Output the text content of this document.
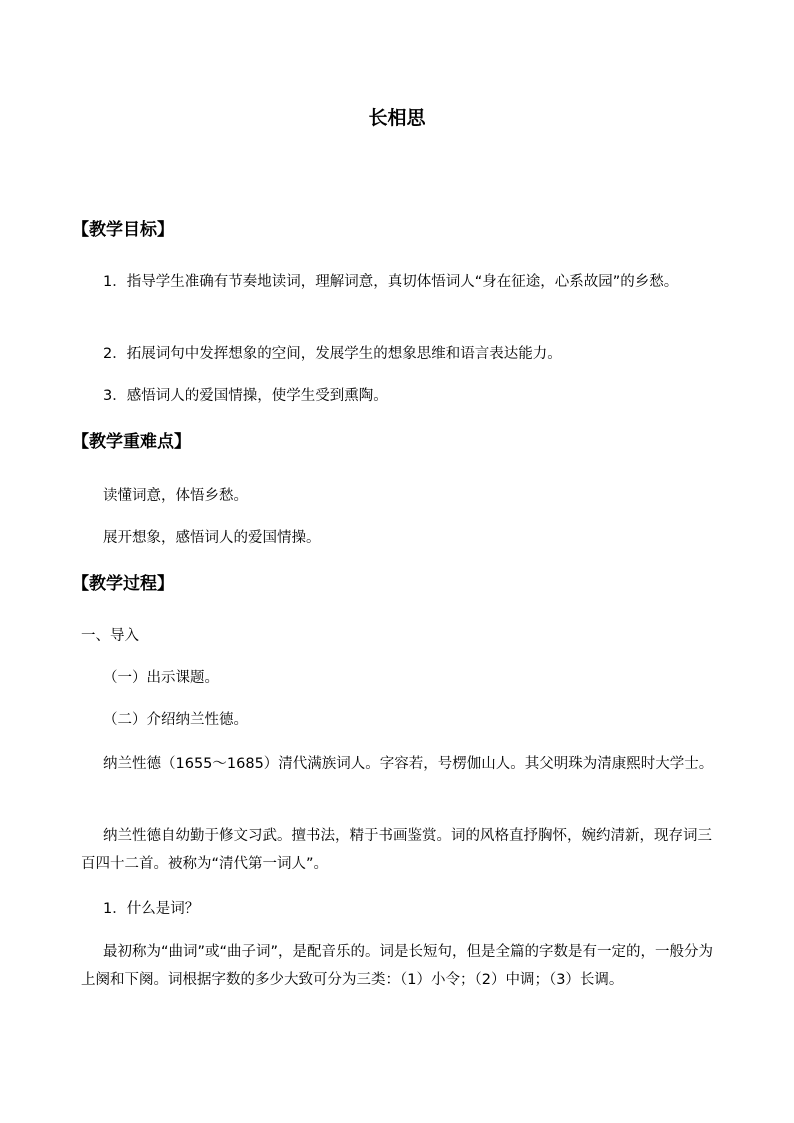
长相思
【教学目标】
1．指导学生准确有节奏地读词，理解词意，真切体悟词人“身在征途，心系故园”的乡愁。
2．拓展词句中发挥想象的空间，发展学生的想象思维和语言表达能力。
3．感悟词人的爱国情操，使学生受到熏陶。
【教学重难点】
读懂词意，体悟乡愁。
展开想象，感悟词人的爱国情操。
【教学过程】
一、导入
（一）出示课题。
（二）介绍纳兰性德。
纳兰性德（1655～1685）清代满族词人。字容若，号楞伽山人。其父明珠为清康熙时大学士。
纳兰性德自幼勤于修文习武。擅书法，精于书画鉴赏。词的风格直抒胸怀，婉约清新，现存词三百四十二首。被称为“清代第一词人”。
1．什么是词？
最初称为“曲词”或“曲子词”，是配音乐的。词是长短句，但是全篇的字数是有一定的，一般分为上阕和下阕。词根据字数的多少大致可分为三类：（1）小令；（2）中调；（3）长调。
